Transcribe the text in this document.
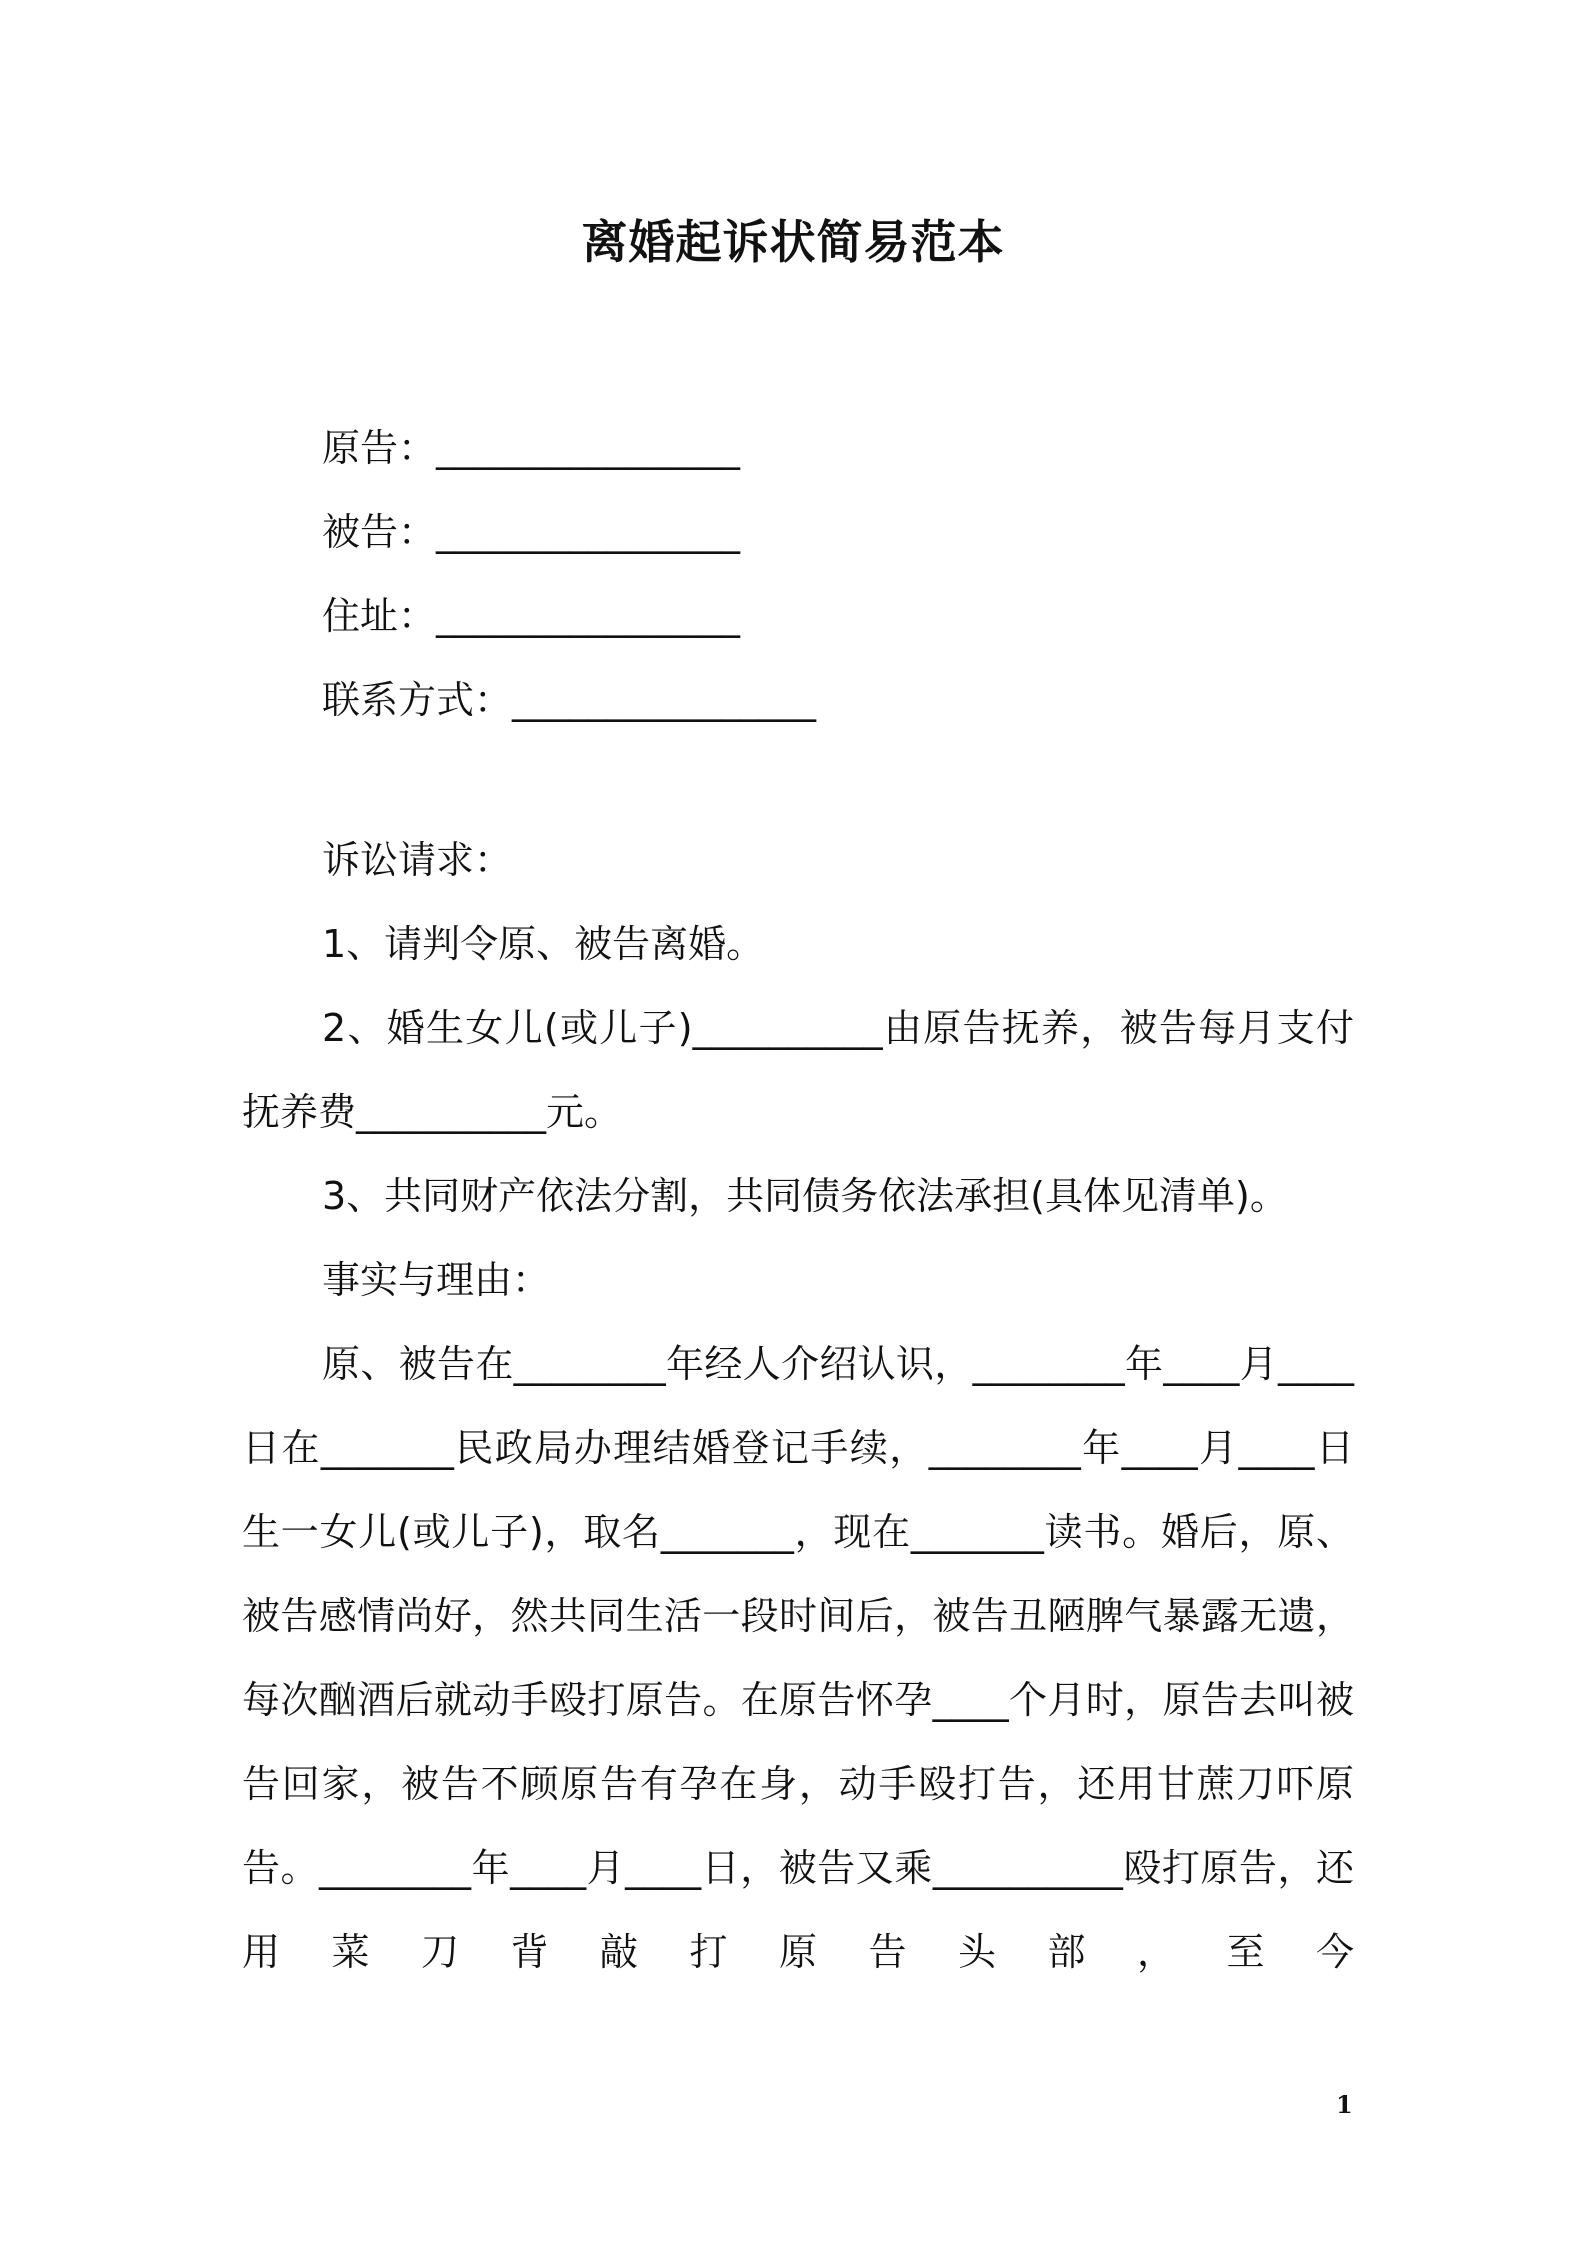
离婚起诉状简易范本
原告：________________
被告：________________
住址：________________
联系方式：________________

诉讼请求：

1、请判令原、被告离婚。

2、婚生女儿(或儿子)__________由原告抚养，被告每月支付抚养费__________元。

3、共同财产依法分割，共同债务依法承担(具体见清单)。

事实与理由：

原、被告在________年经人介绍认识，________年____月____日在_______民政局办理结婚登记手续，________年____月____日生一女儿(或儿子)，取名_______，现在_______读书。婚后，原、被告感情尚好，然共同生活一段时间后，被告丑陋脾气暴露无遗，每次酗酒后就动手殴打原告。在原告怀孕____个月时，原告去叫被告回家，被告不顾原告有孕在身，动手殴打告，还用甘蔗刀吓原告。________年____月____日，被告又乘__________殴打原告，还用菜刀背敲打原告头部，至今

1
